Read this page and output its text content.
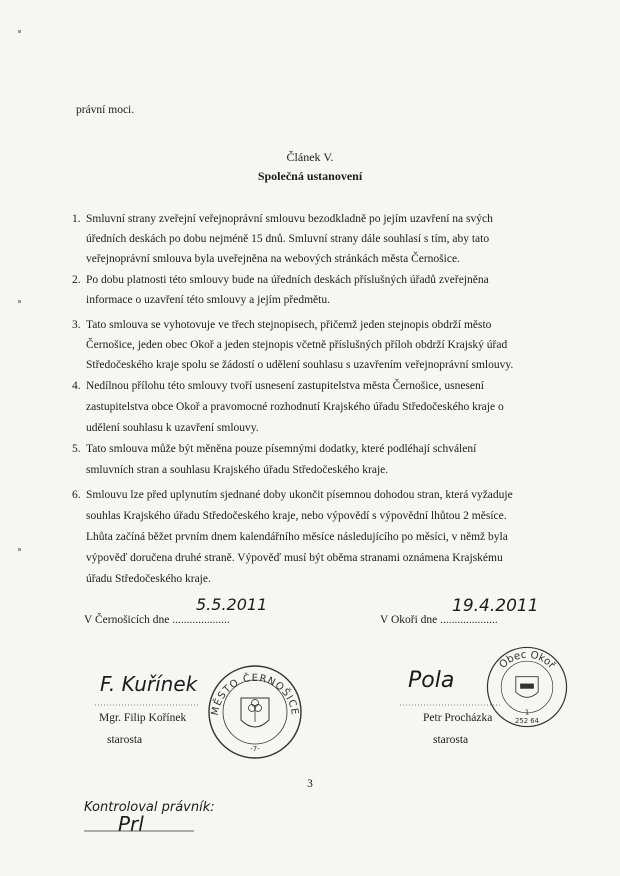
právní moci.
Článek V.
Společná ustanovení
1. Smluvní strany zveřejní veřejnoprávní smlouvu bezodkladně po jejím uzavření na svých
úředních deskách po dobu nejméně 15 dnů. Smluvní strany dále souhlasí s tím, aby tato
veřejnoprávní smlouva byla uveřejněna na webových stránkách města Černošice.
2. Po dobu platnosti této smlouvy bude na úředních deskách příslušných úřadů zveřejněna
informace o uzavření této smlouvy a jejím předmětu.
3. Tato smlouva se vyhotovuje ve třech stejnopisech, přičemž jeden stejnopis obdrží město
Černošice, jeden obec Okoř a jeden stejnopis včetně příslušných příloh obdrží Krajský úřad
Středočeského kraje spolu se žádostí o udělení souhlasu s uzavřením veřejnoprávní smlouvy.
4. Nedílnou přílohu této smlouvy tvoří usnesení zastupitelstva města Černošice, usnesení
zastupitelstva obce Okoř a pravomocné rozhodnutí Krajského úřadu Středočeského kraje o
udělení souhlasu k uzavření smlouvy.
5. Tato smlouva může být měněna pouze písemnými dodatky, které podléhají schválení
smluvních stran a souhlasu Krajského úřadu Středočeského kraje.
6. Smlouvu lze před uplynutím sjednané doby ukončit písemnou dohodou stran, která vyžaduje
souhlas Krajského úřadu Středočeského kraje, nebo výpovědí s výpovědní lhůtou 2 měsíce.
Lhůta začíná běžet prvním dnem kalendářního měsíce následujícího po měsíci, v němž byla
výpověď doručena druhé straně. Výpověď musí být oběma stranami oznámena Krajskému
úřadu Středočeského kraje.
V Černošicích dne ....................
5.5.2011
V Okoři dne ....................
19.4.2011
F. Kuřínek
Mgr. Filip Kořínek
starosta
MĚSTO ČERNOŠICE
-7-
Pola
Petr Procházka
starosta
Obec Okoř
1
252 64
3
Kontroloval právník:
Prl
